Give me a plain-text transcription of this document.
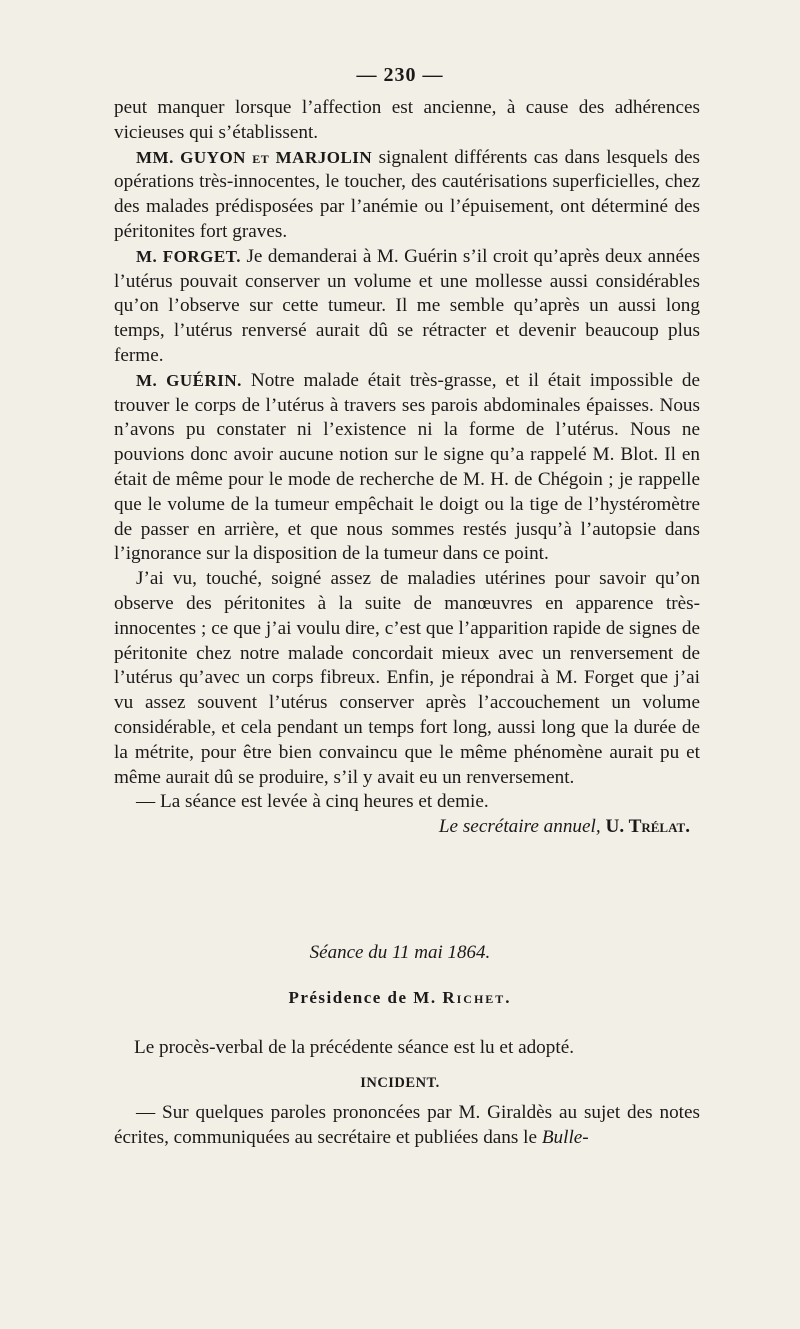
— 230 —

peut manquer lorsque l’affection est ancienne, à cause des adhérences vicieuses qui s’établissent.

MM. GUYON et MARJOLIN signalent différents cas dans lesquels des opérations très-innocentes, le toucher, des cautérisations superficielles, chez des malades prédisposées par l’anémie ou l’épuisement, ont déterminé des péritonites fort graves.

M. FORGET. Je demanderai à M. Guérin s’il croit qu’après deux années l’utérus pouvait conserver un volume et une mollesse aussi considérables qu’on l’observe sur cette tumeur. Il me semble qu’après un aussi long temps, l’utérus renversé aurait dû se rétracter et devenir beaucoup plus ferme.

M. GUÉRIN. Notre malade était très-grasse, et il était impossible de trouver le corps de l’utérus à travers ses parois abdominales épaisses. Nous n’avons pu constater ni l’existence ni la forme de l’utérus. Nous ne pouvions donc avoir aucune notion sur le signe qu’a rappelé M. Blot. Il en était de même pour le mode de recherche de M. H. de Chégoin ; je rappelle que le volume de la tumeur empêchait le doigt ou la tige de l’hystéromètre de passer en arrière, et que nous sommes restés jusqu’à l’autopsie dans l’ignorance sur la disposition de la tumeur dans ce point.

J’ai vu, touché, soigné assez de maladies utérines pour savoir qu’on observe des péritonites à la suite de manœuvres en apparence très-innocentes ; ce que j’ai voulu dire, c’est que l’apparition rapide de signes de péritonite chez notre malade concordait mieux avec un renversement de l’utérus qu’avec un corps fibreux. Enfin, je répondrai à M. Forget que j’ai vu assez souvent l’utérus conserver après l’accouchement un volume considérable, et cela pendant un temps fort long, aussi long que la durée de la métrite, pour être bien convaincu que le même phénomène aurait pu et même aurait dû se produire, s’il y avait eu un renversement.

— La séance est levée à cinq heures et demie.

Le secrétaire annuel, U. Trélat.

Séance du 11 mai 1864.
Présidence de M. Richet.
Le procès-verbal de la précédente séance est lu et adopté.
INCIDENT.

— Sur quelques paroles prononcées par M. Giraldès au sujet des notes écrites, communiquées au secrétaire et publiées dans le Bulle-
